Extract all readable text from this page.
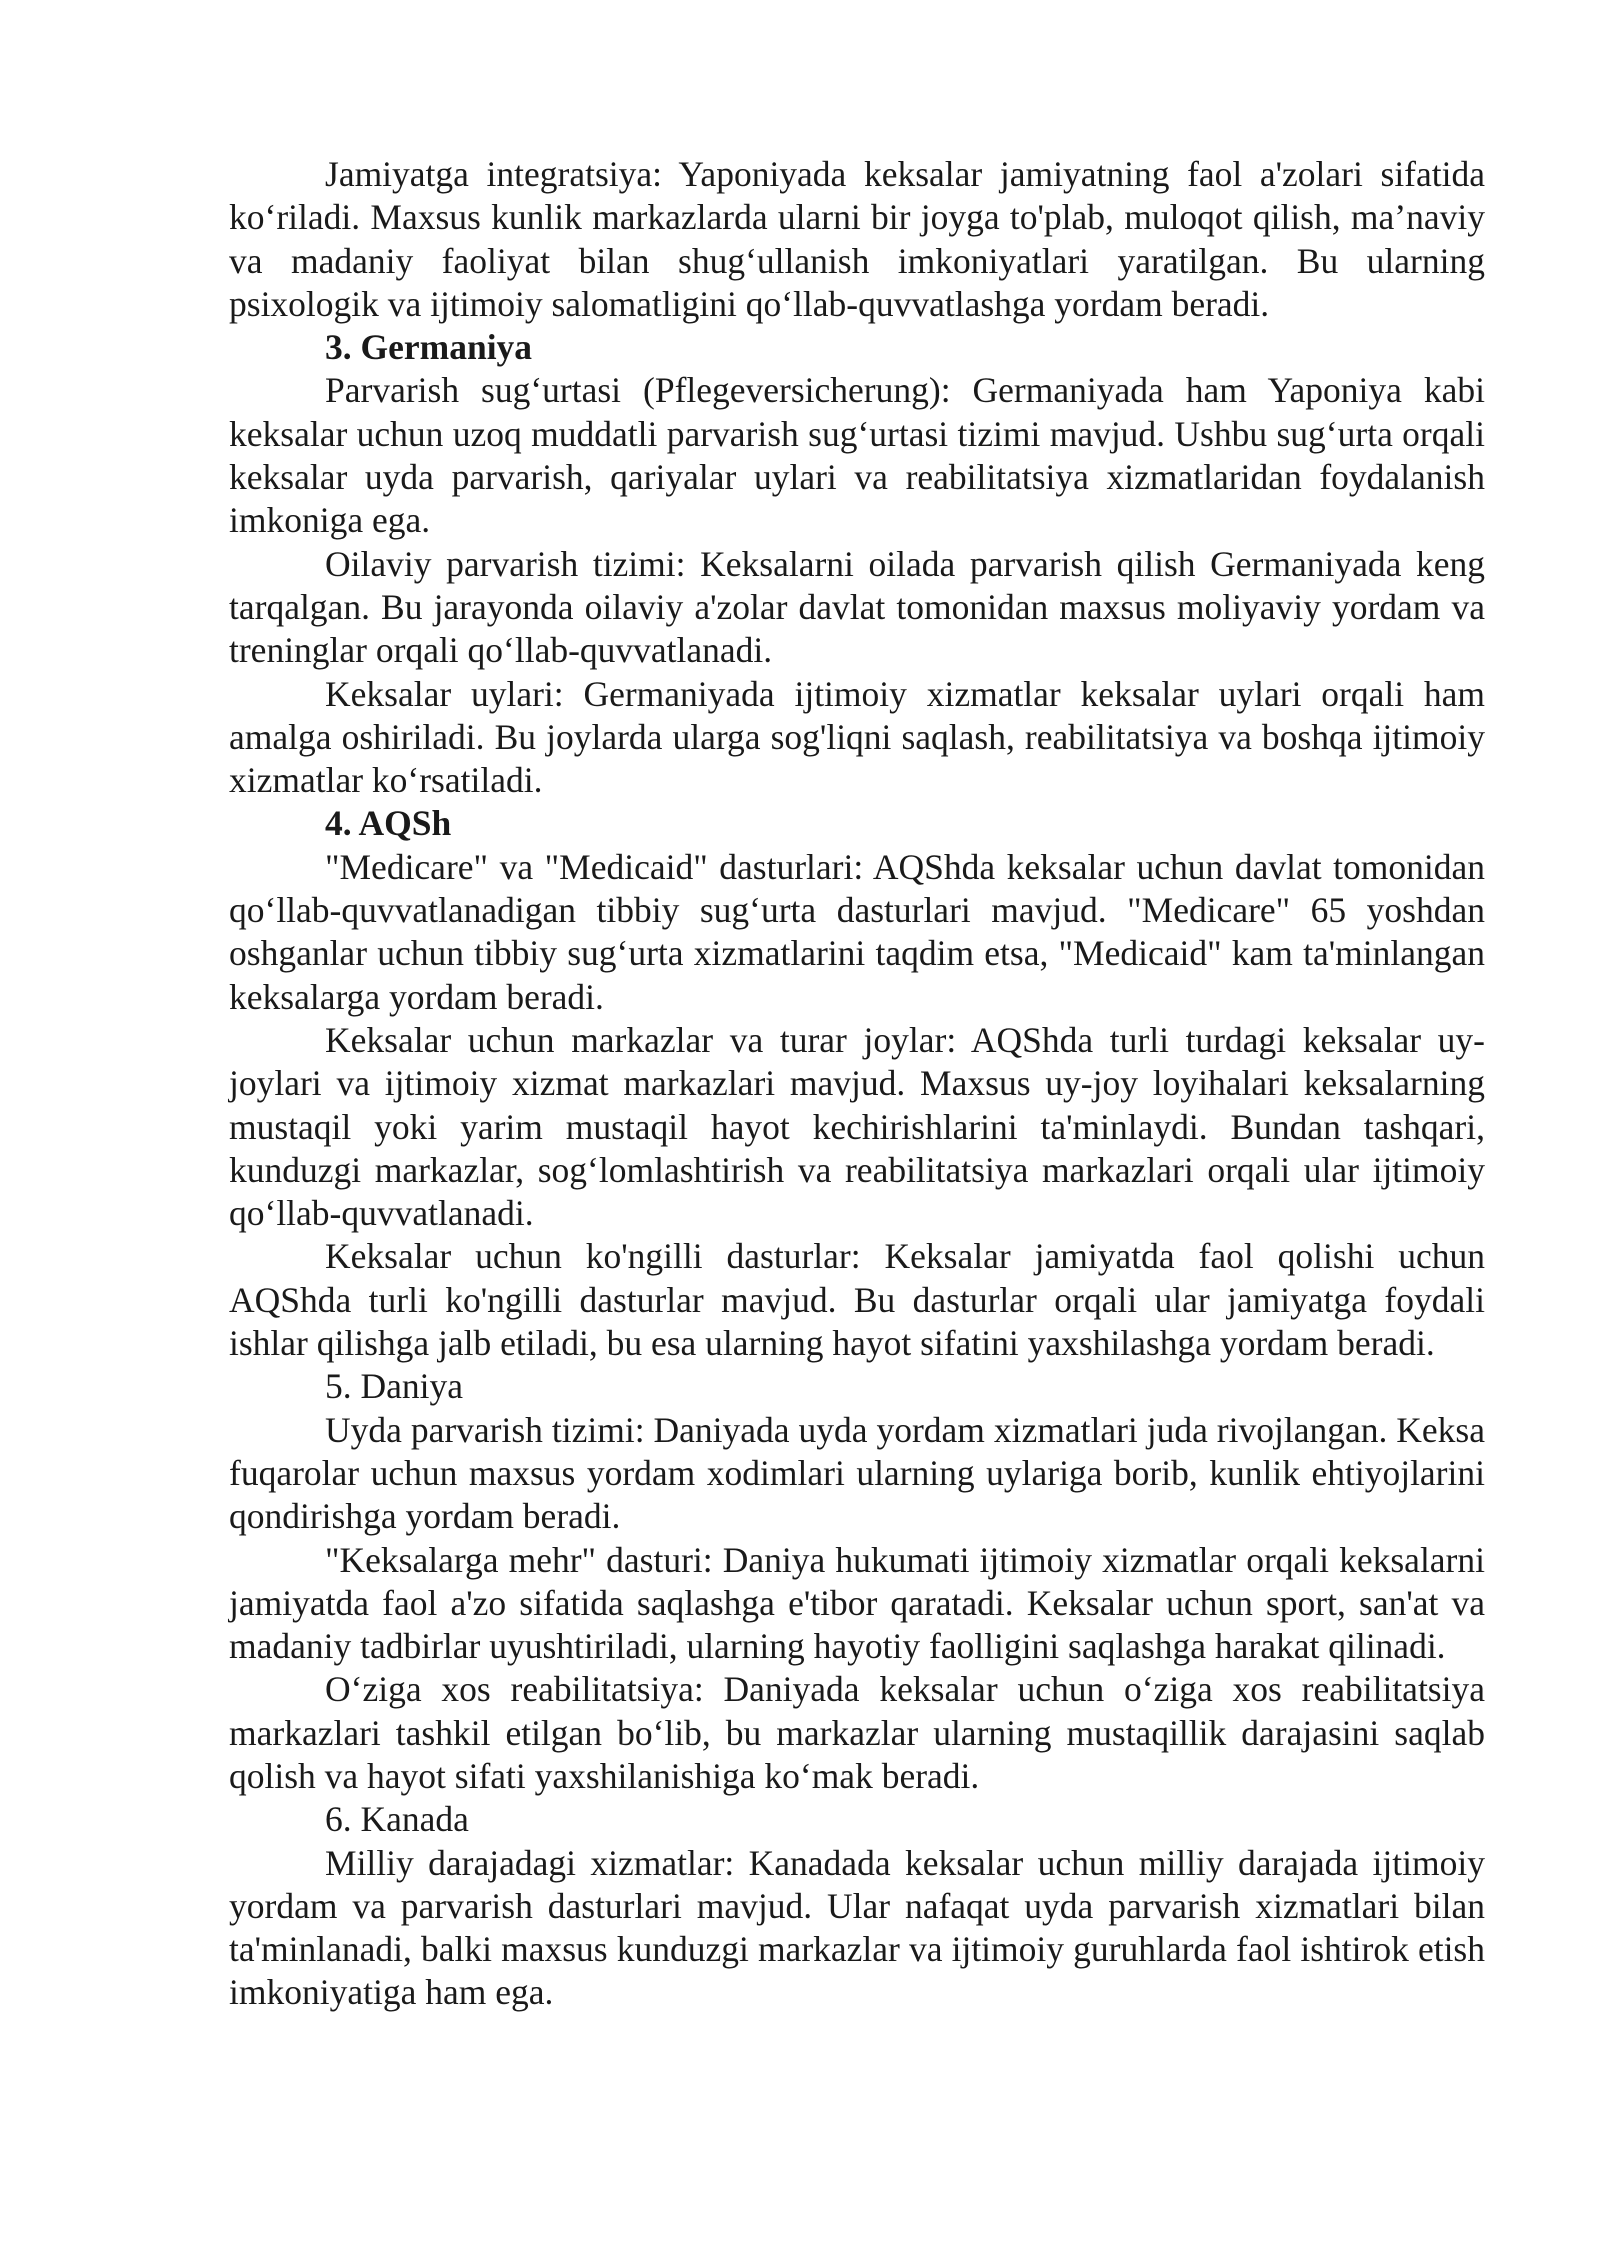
Jamiyatga integratsiya: Yaponiyada keksalar jamiyatning faol a'zolari sifatida ko‘riladi. Maxsus kunlik markazlarda ularni bir joyga to'plab, muloqot qilish, ma’naviy va madaniy faoliyat bilan shug‘ullanish imkoniyatlari yaratilgan. Bu ularning psixologik va ijtimoiy salomatligini qo‘llab-quvvatlashga yordam beradi.

3. Germaniya

Parvarish sug‘urtasi (Pflegeversicherung): Germaniyada ham Yaponiya kabi keksalar uchun uzoq muddatli parvarish sug‘urtasi tizimi mavjud. Ushbu sug‘urta orqali keksalar uyda parvarish, qariyalar uylari va reabilitatsiya xizmatlaridan foydalanish imkoniga ega.

Oilaviy parvarish tizimi: Keksalarni oilada parvarish qilish Germaniyada keng tarqalgan. Bu jarayonda oilaviy a'zolar davlat tomonidan maxsus moliyaviy yordam va treninglar orqali qo‘llab-quvvatlanadi.

Keksalar uylari: Germaniyada ijtimoiy xizmatlar keksalar uylari orqali ham amalga oshiriladi. Bu joylarda ularga sog'liqni saqlash, reabilitatsiya va boshqa ijtimoiy xizmatlar ko‘rsatiladi.

4. AQSh

"Medicare" va "Medicaid" dasturlari: AQShda keksalar uchun davlat tomonidan qo‘llab-quvvatlanadigan tibbiy sug‘urta dasturlari mavjud. "Medicare" 65 yoshdan oshganlar uchun tibbiy sug‘urta xizmatlarini taqdim etsa, "Medicaid" kam ta'minlangan keksalarga yordam beradi.

Keksalar uchun markazlar va turar joylar: AQShda turli turdagi keksalar uy-joylari va ijtimoiy xizmat markazlari mavjud. Maxsus uy-joy loyihalari keksalarning mustaqil yoki yarim mustaqil hayot kechirishlarini ta'minlaydi. Bundan tashqari, kunduzgi markazlar, sog‘lomlashtirish va reabilitatsiya markazlari orqali ular ijtimoiy qo‘llab-quvvatlanadi.

Keksalar uchun ko'ngilli dasturlar: Keksalar jamiyatda faol qolishi uchun AQShda turli ko'ngilli dasturlar mavjud. Bu dasturlar orqali ular jamiyatga foydali ishlar qilishga jalb etiladi, bu esa ularning hayot sifatini yaxshilashga yordam beradi.

5. Daniya

Uyda parvarish tizimi: Daniyada uyda yordam xizmatlari juda rivojlangan. Keksa fuqarolar uchun maxsus yordam xodimlari ularning uylariga borib, kunlik ehtiyojlarini qondirishga yordam beradi.

"Keksalarga mehr" dasturi: Daniya hukumati ijtimoiy xizmatlar orqali keksalarni jamiyatda faol a'zo sifatida saqlashga e'tibor qaratadi. Keksalar uchun sport, san'at va madaniy tadbirlar uyushtiriladi, ularning hayotiy faolligini saqlashga harakat qilinadi.

O‘ziga xos reabilitatsiya: Daniyada keksalar uchun o‘ziga xos reabilitatsiya markazlari tashkil etilgan bo‘lib, bu markazlar ularning mustaqillik darajasini saqlab qolish va hayot sifati yaxshilanishiga ko‘mak beradi.

6. Kanada

Milliy darajadagi xizmatlar: Kanadada keksalar uchun milliy darajada ijtimoiy yordam va parvarish dasturlari mavjud. Ular nafaqat uyda parvarish xizmatlari bilan ta'minlanadi, balki maxsus kunduzgi markazlar va ijtimoiy guruhlarda faol ishtirok etish imkoniyatiga ham ega.
